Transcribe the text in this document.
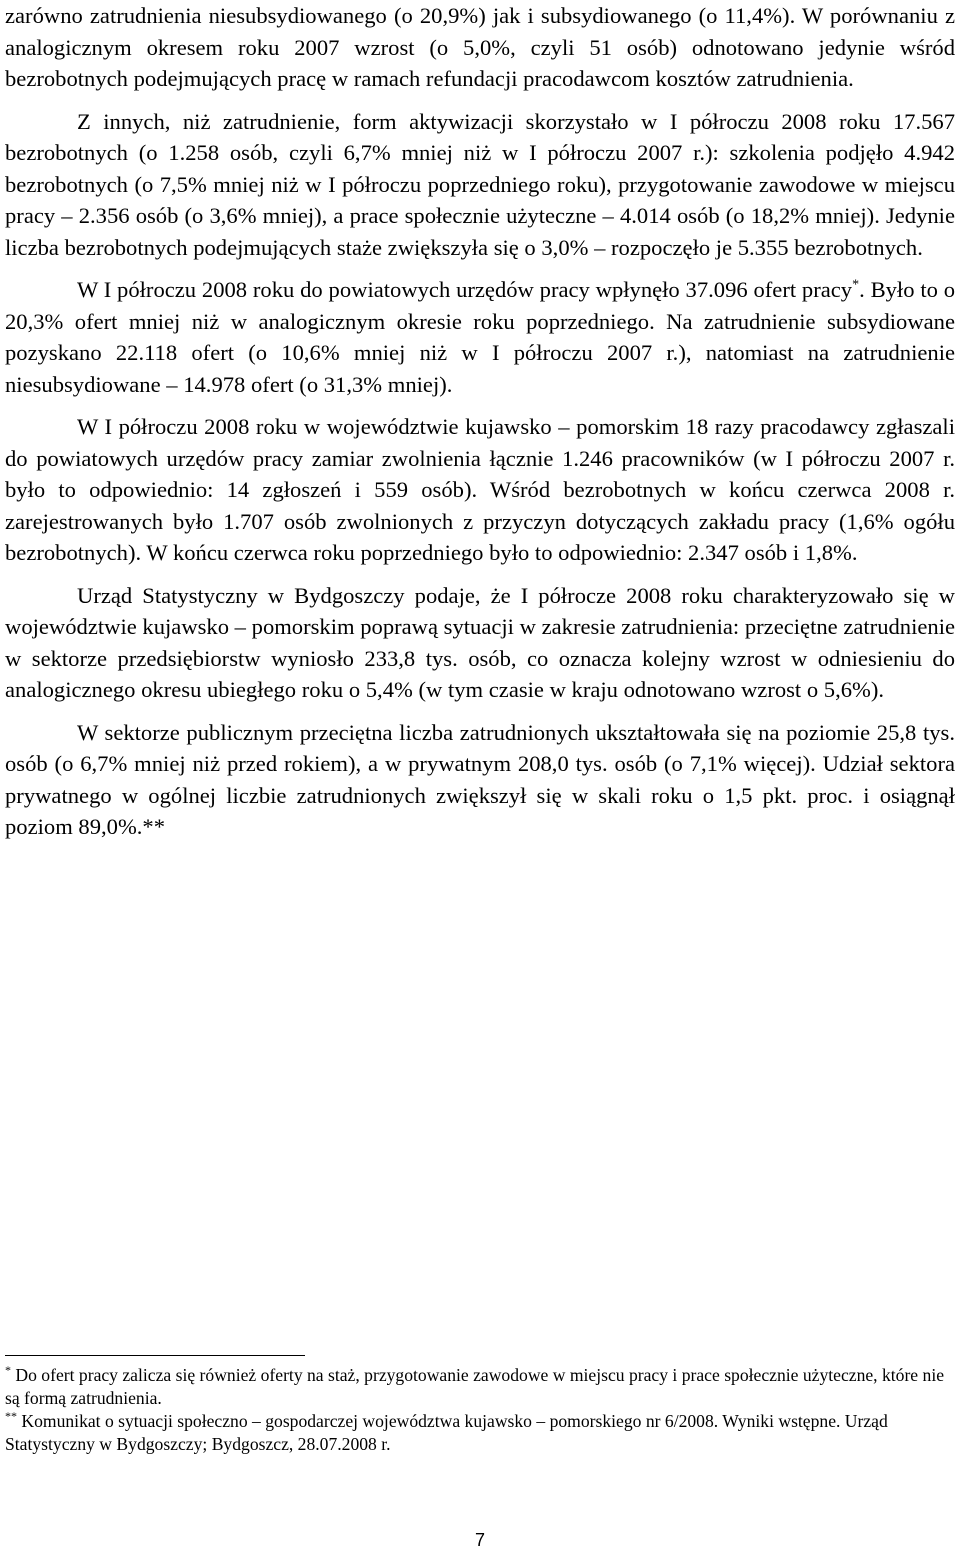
zarówno zatrudnienia niesubsydiowanego (o 20,9%) jak i subsydiowanego (o 11,4%). W porównaniu z analogicznym okresem roku 2007 wzrost (o 5,0%, czyli 51 osób) odnotowano jedynie wśród bezrobotnych podejmujących pracę w ramach refundacji pracodawcom kosztów zatrudnienia.

Z innych, niż zatrudnienie, form aktywizacji skorzystało w I półroczu 2008 roku 17.567 bezrobotnych (o 1.258 osób, czyli 6,7% mniej niż w I półroczu 2007 r.): szkolenia podjęło 4.942 bezrobotnych (o 7,5% mniej niż w I półroczu poprzedniego roku), przygotowanie zawodowe w miejscu pracy – 2.356 osób (o 3,6% mniej), a prace społecznie użyteczne – 4.014 osób (o 18,2% mniej). Jedynie liczba bezrobotnych podejmujących staże zwiększyła się o 3,0% – rozpoczęło je 5.355 bezrobotnych.

W I półroczu 2008 roku do powiatowych urzędów pracy wpłynęło 37.096 ofert pracy*. Było to o 20,3% ofert mniej niż w analogicznym okresie roku poprzedniego. Na zatrudnienie subsydiowane pozyskano 22.118 ofert (o 10,6% mniej niż w I półroczu 2007 r.), natomiast na zatrudnienie niesubsydiowane – 14.978 ofert (o 31,3% mniej).

W I półroczu 2008 roku w województwie kujawsko – pomorskim 18 razy pracodawcy zgłaszali do powiatowych urzędów pracy zamiar zwolnienia łącznie 1.246 pracowników (w I półroczu 2007 r. było to odpowiednio: 14 zgłoszeń i 559 osób). Wśród bezrobotnych w końcu czerwca 2008 r. zarejestrowanych było 1.707 osób zwolnionych z przyczyn dotyczących zakładu pracy (1,6% ogółu bezrobotnych). W końcu czerwca roku poprzedniego było to odpowiednio: 2.347 osób i 1,8%.

Urząd Statystyczny w Bydgoszczy podaje, że I półrocze 2008 roku charakteryzowało się w województwie kujawsko – pomorskim poprawą sytuacji w zakresie zatrudnienia: przeciętne zatrudnienie w sektorze przedsiębiorstw wyniosło 233,8 tys. osób, co oznacza kolejny wzrost w odniesieniu do analogicznego okresu ubiegłego roku o 5,4% (w tym czasie w kraju odnotowano wzrost o 5,6%).

W sektorze publicznym przeciętna liczba zatrudnionych ukształtowała się na poziomie 25,8 tys. osób (o 6,7% mniej niż przed rokiem), a w prywatnym 208,0 tys. osób (o 7,1% więcej). Udział sektora prywatnego w ogólnej liczbie zatrudnionych zwiększył się w skali roku o 1,5 pkt. proc. i osiągnął poziom 89,0%.**

* Do ofert pracy zalicza się również oferty na staż, przygotowanie zawodowe w miejscu pracy i prace społecznie użyteczne, które nie są formą zatrudnienia.

** Komunikat o sytuacji społeczno – gospodarczej województwa kujawsko – pomorskiego nr 6/2008. Wyniki wstępne. Urząd Statystyczny w Bydgoszczy; Bydgoszcz, 28.07.2008 r.

7
